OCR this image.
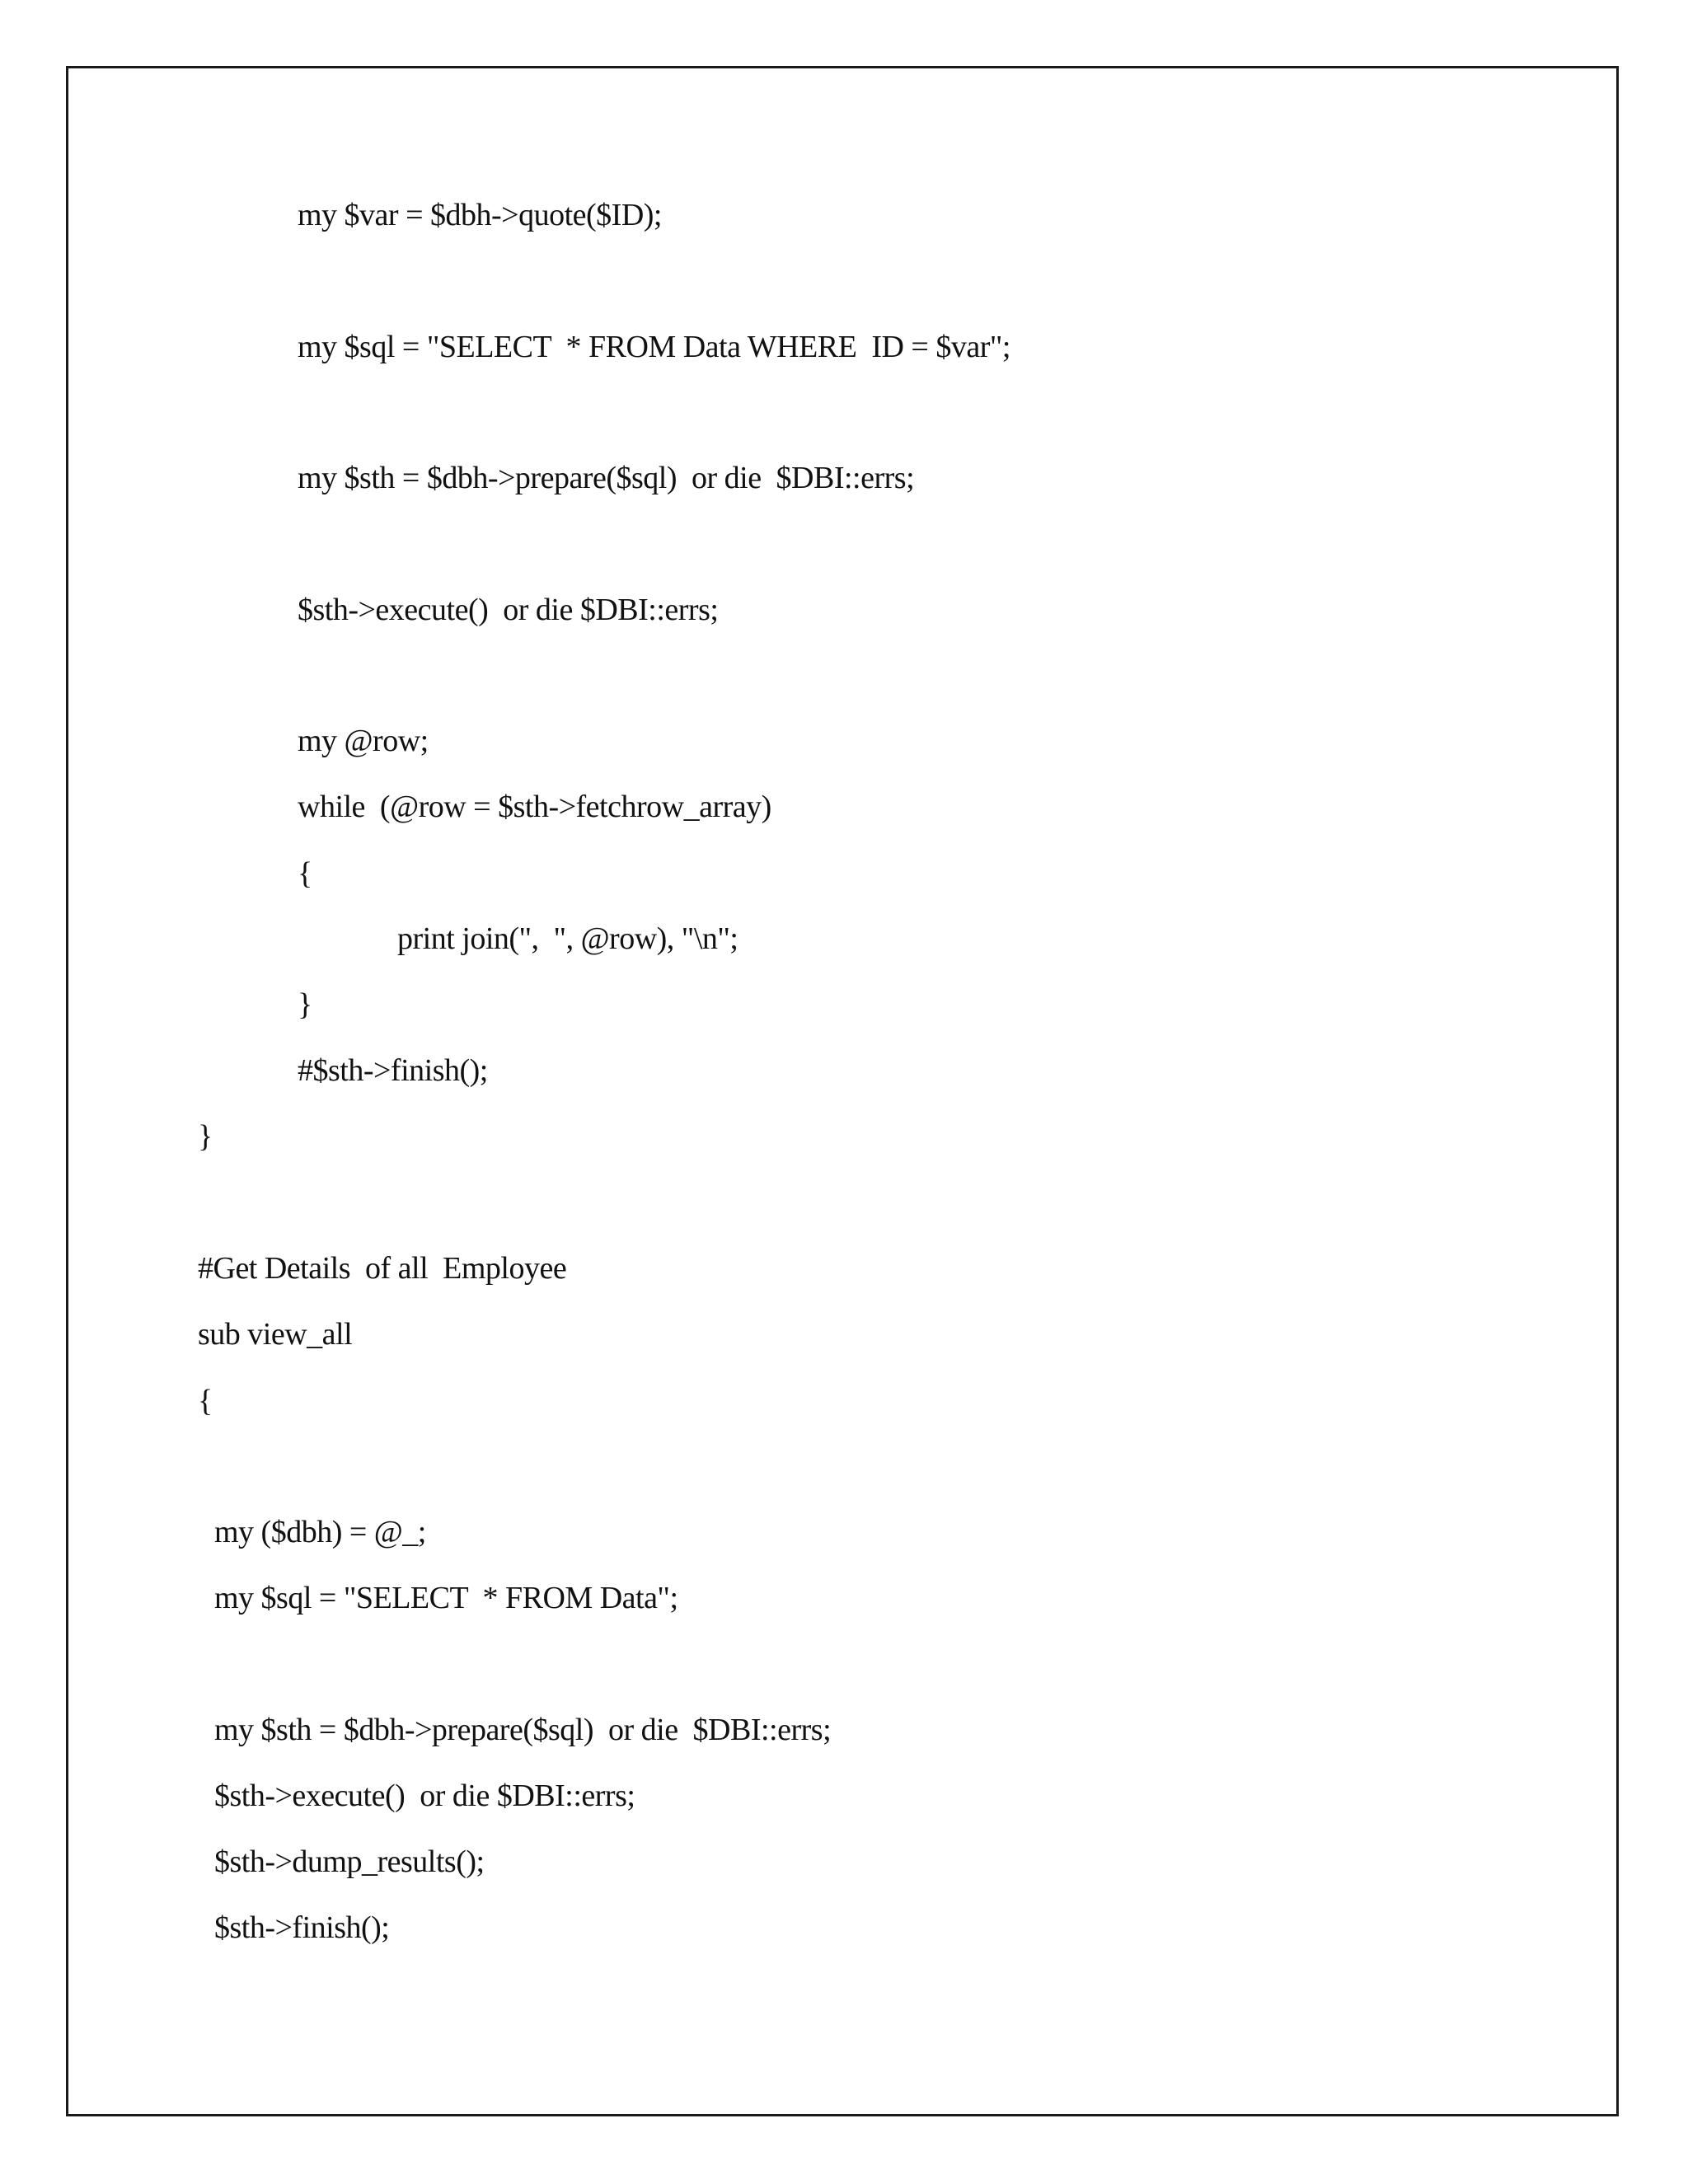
my $var = $dbh->quote($ID);
my $sql = "SELECT  * FROM Data WHERE  ID = $var";
my $sth = $dbh->prepare($sql)  or die  $DBI::errs;
$sth->execute()  or die $DBI::errs;
my @row;
while  (@row = $sth->fetchrow_array)
{
print join(",  ", @row), "\n";
}
#$sth->finish();
}
#Get Details  of all  Employee
sub view_all
{
my ($dbh) = @_;
my $sql = "SELECT  * FROM Data";
my $sth = $dbh->prepare($sql)  or die  $DBI::errs;
$sth->execute()  or die $DBI::errs;
$sth->dump_results();
$sth->finish();
